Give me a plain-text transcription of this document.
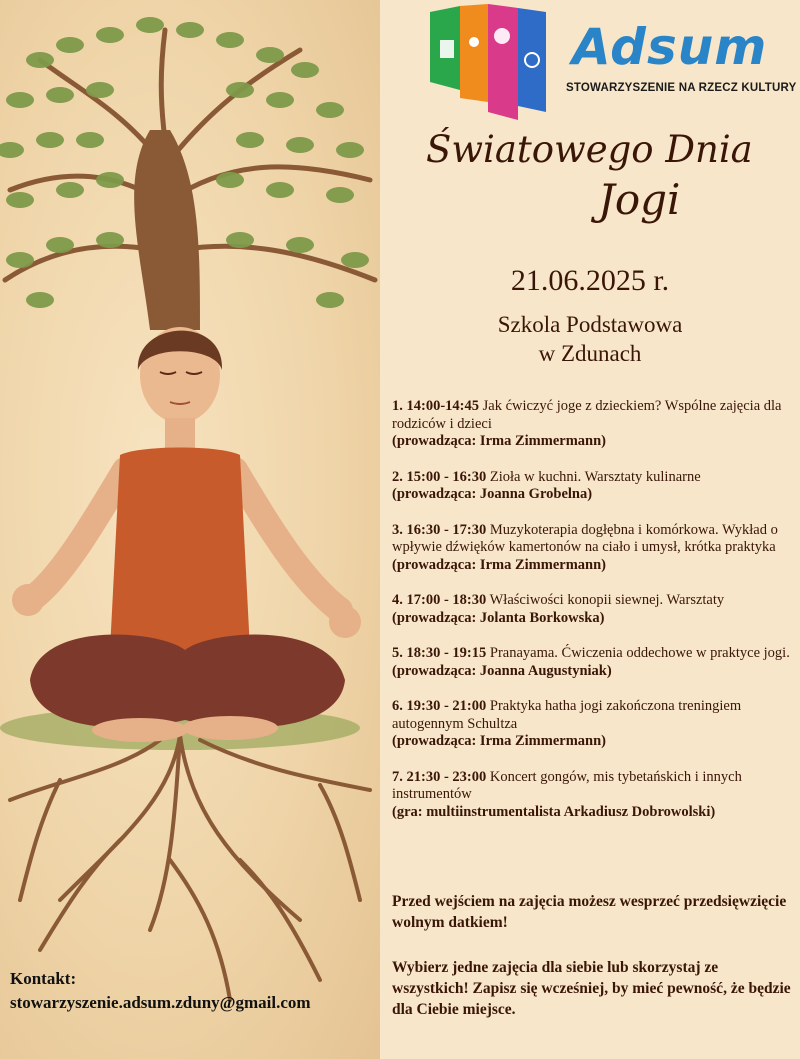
Adsum
STOWARZYSZENIE NA RZECZ KULTURY
Światowego Dnia
Jogi
21.06.2025 r.
Szkola Podstawowa
w Zdunach
1. 14:00-14:45 Jak ćwiczyć joge z dzieckiem? Wspólne zajęcia dla rodziców i dzieci
(prowadząca: Irma Zimmermann)
2. 15:00 - 16:30 Zioła w kuchni. Warsztaty kulinarne
(prowadząca: Joanna Grobelna)
3. 16:30 - 17:30 Muzykoterapia dogłębna i komórkowa. Wykład o wpływie dźwięków kamertonów na ciało i umysł, krótka praktyka
(prowadząca: Irma Zimmermann)
4. 17:00 - 18:30 Właściwości konopii siewnej. Warsztaty
(prowadząca: Jolanta Borkowska)
5. 18:30 - 19:15 Pranayama. Ćwiczenia oddechowe w praktyce jogi.
(prowadząca: Joanna Augustyniak)
6. 19:30 - 21:00 Praktyka hatha jogi zakończona treningiem autogennym Schultza
(prowadząca: Irma Zimmermann)
7. 21:30 - 23:00 Koncert gongów, mis tybetańskich i innych instrumentów
(gra: multiinstrumentalista Arkadiusz Dobrowolski)
Przed wejściem na zajęcia możesz wesprzeć przedsięwzięcie wolnym datkiem!
Wybierz jedne zajęcia dla siebie lub skorzystaj ze wszystkich! Zapisz się wcześniej, by mieć pewność, że będzie dla Ciebie miejsce.
Kontakt:
stowarzyszenie.adsum.zduny@gmail.com
